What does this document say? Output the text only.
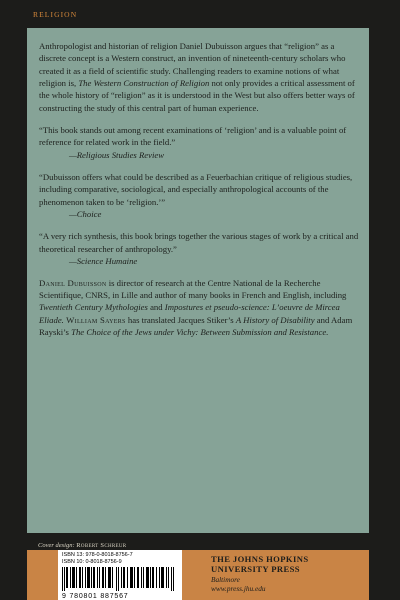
RELIGION

Anthropologist and historian of religion Daniel Dubuisson argues that “religion” as a discrete concept is a Western construct, an invention of nineteenth-century scholars who created it as a field of scientific study. Challenging readers to examine notions of what religion is, The Western Construction of Religion not only provides a critical assessment of the whole history of “religion” as it is understood in the West but also offers better ways of constructing the study of this central part of human experience.

“This book stands out among recent examinations of ‘religion’ and is a valuable point of reference for related work in the field.”
—Religious Studies Review
“Dubuisson offers what could be described as a Feuerbachian critique of religious studies, including comparative, sociological, and especially anthropological accounts of the phenomenon taken to be ‘religion.’”
—Choice
“A very rich synthesis, this book brings together the various stages of work by a critical and theoretical researcher of anthropology.”
—Science Humaine

Daniel Dubuisson is director of research at the Centre National de la Recherche Scientifique, CNRS, in Lille and author of many books in French and English, including Twentieth Century Mythologies and Impostures et pseudo-science: L’oeuvre de Mircea Eliade. William Sayers has translated Jacques Stiker’s A History of Disability and Adam Rayski’s The Choice of the Jews under Vichy: Between Submission and Resistance.

Cover design: Robert Schreur
ISBN 13: 978-0-8018-8756-7
ISBN 10: 0-8018-8756-9
9 780801 887567
THE JOHNS HOPKINS
UNIVERSITY PRESS
Baltimore
www.press.jhu.edu
